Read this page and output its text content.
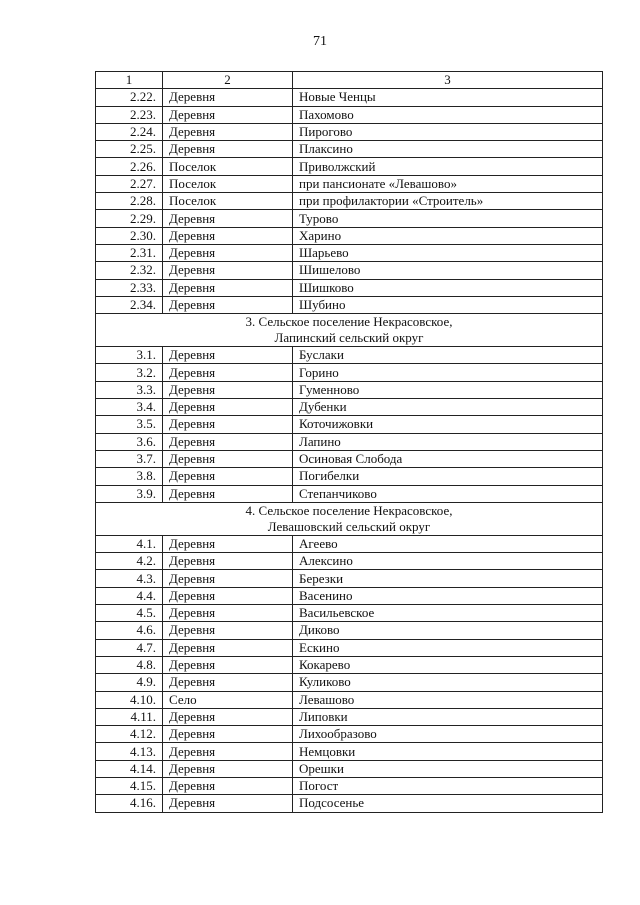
71
1	2	3
2.22.	Деревня	Новые Ченцы
2.23.	Деревня	Пахомово
2.24.	Деревня	Пирогово
2.25.	Деревня	Плаксино
2.26.	Поселок	Приволжский
2.27.	Поселок	при пансионате «Левашово»
2.28.	Поселок	при профилактории «Строитель»
2.29.	Деревня	Турово
2.30.	Деревня	Харино
2.31.	Деревня	Шарьево
2.32.	Деревня	Шишелово
2.33.	Деревня	Шишково
2.34.	Деревня	Шубино

3. Сельское поселение Некрасовское,
Лапинский сельский округ		

3.1.	Деревня	Буслаки
3.2.	Деревня	Горино
3.3.	Деревня	Гуменново
3.4.	Деревня	Дубенки
3.5.	Деревня	Коточижовки
3.6.	Деревня	Лапино
3.7.	Деревня	Осиновая Слобода
3.8.	Деревня	Погибелки
3.9.	Деревня	Степанчиково

4. Сельское поселение Некрасовское,
Левашовский сельский округ		

4.1.	Деревня	Агеево
4.2.	Деревня	Алексино
4.3.	Деревня	Березки
4.4.	Деревня	Васенино
4.5.	Деревня	Васильевское
4.6.	Деревня	Диково
4.7.	Деревня	Ескино
4.8.	Деревня	Кокарево
4.9.	Деревня	Куликово
4.10.	Село	Левашово
4.11.	Деревня	Липовки
4.12.	Деревня	Лихообразово
4.13.	Деревня	Немцовки
4.14.	Деревня	Орешки
4.15.	Деревня	Погост
4.16.	Деревня	Подсосенье
